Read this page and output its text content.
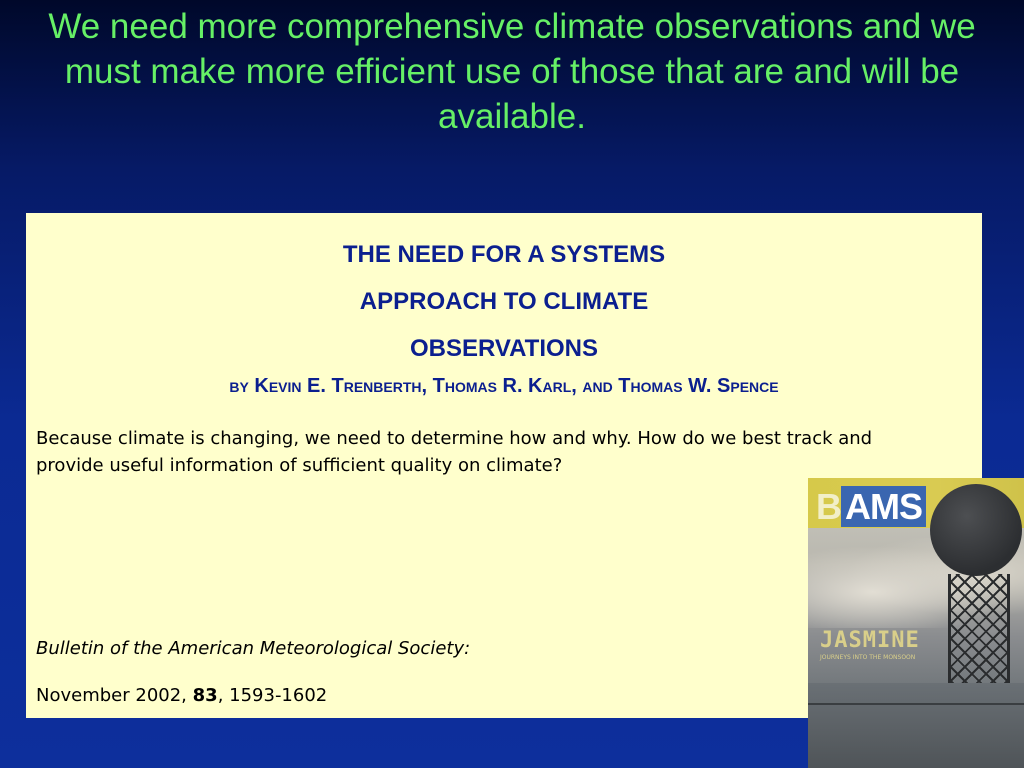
We need more comprehensive climate observations and we must make more efficient use of those that are and will be available.
THE NEED FOR A SYSTEMS
APPROACH TO CLIMATE
OBSERVATIONS

by Kevin E. Trenberth, Thomas R. Karl, and Thomas W. Spence

Because climate is changing, we need to determine how and why. How do we best track and provide useful information of sufficient quality on climate?

Bulletin of the American Meteorological Society:

November 2002, 83, 1593-1602

B AMS
JASMINE
JOURNEYS INTO THE MONSOON
